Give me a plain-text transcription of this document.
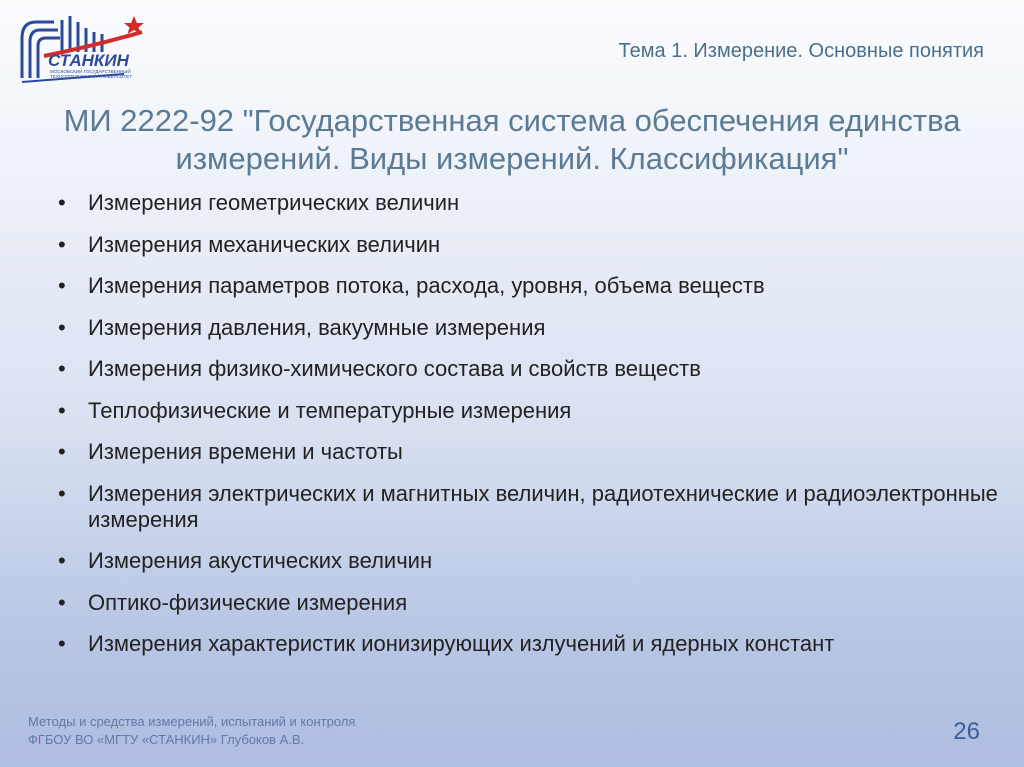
СТАНКИН
МОСКОВСКИЙ ГОСУДАРСТВЕННЫЙ
ТЕХНОЛОГИЧЕСКИЙ УНИВЕРСИТЕТ
Тема 1. Измерение. Основные понятия
МИ 2222-92 "Государственная система обеспечения единства
измерений. Виды измерений. Классификация"
• Измерения геометрических величин
• Измерения механических величин
• Измерения параметров потока, расхода, уровня, объема веществ
• Измерения давления, вакуумные измерения
• Измерения физико-химического состава и свойств веществ
• Теплофизические и температурные измерения
• Измерения времени и частоты
• Измерения электрических и магнитных величин, радиотехнические и радиоэлектронные измерения
• Измерения акустических величин
• Оптико-физические измерения
• Измерения характеристик ионизирующих излучений и ядерных констант
Методы и средства измерений, испытаний и контроля
ФГБОУ ВО «МГТУ «СТАНКИН» Глубоков А.В.	26
